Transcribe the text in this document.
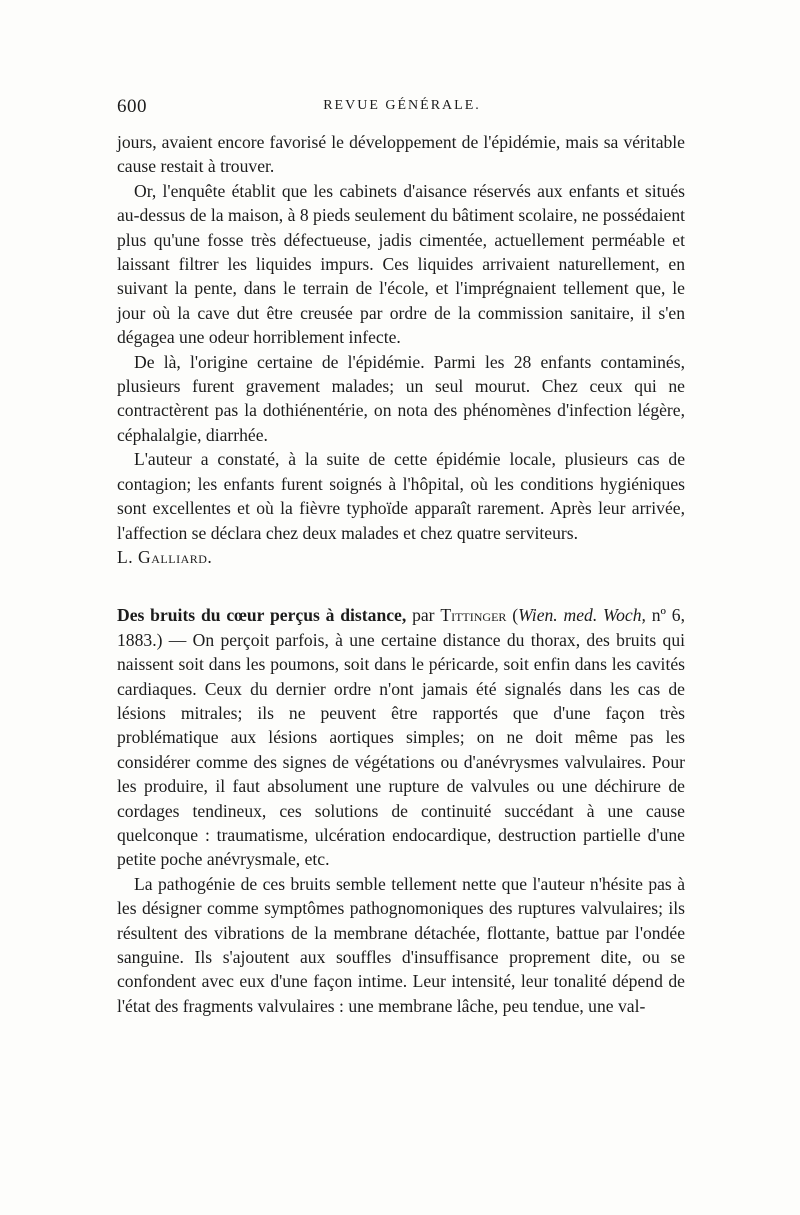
600	REVUE GÉNÉRALE.

jours, avaient encore favorisé le développement de l'épidémie, mais sa véritable cause restait à trouver.

Or, l'enquête établit que les cabinets d'aisance réservés aux enfants et situés au-dessus de la maison, à 8 pieds seulement du bâtiment scolaire, ne possédaient plus qu'une fosse très défectueuse, jadis cimentée, actuellement perméable et laissant filtrer les liquides impurs. Ces liquides arrivaient naturellement, en suivant la pente, dans le terrain de l'école, et l'imprégnaient tellement que, le jour où la cave dut être creusée par ordre de la commission sanitaire, il s'en dégagea une odeur horriblement infecte.

De là, l'origine certaine de l'épidémie. Parmi les 28 enfants contaminés, plusieurs furent gravement malades; un seul mourut. Chez ceux qui ne contractèrent pas la dothiénentérie, on nota des phénomènes d'infection légère, céphalalgie, diarrhée.

L'auteur a constaté, à la suite de cette épidémie locale, plusieurs cas de contagion; les enfants furent soignés à l'hôpital, où les conditions hygiéniques sont excellentes et où la fièvre typhoïde apparaît rarement. Après leur arrivée, l'affection se déclara chez deux malades et chez quatre serviteurs.

L. Galliard.

Des bruits du cœur perçus à distance, par Tittinger (Wien. med. Woch, nº 6, 1883.) — On perçoit parfois, à une certaine distance du thorax, des bruits qui naissent soit dans les poumons, soit dans le péricarde, soit enfin dans les cavités cardiaques. Ceux du dernier ordre n'ont jamais été signalés dans les cas de lésions mitrales; ils ne peuvent être rapportés que d'une façon très problématique aux lésions aortiques simples; on ne doit même pas les considérer comme des signes de végétations ou d'anévrysmes valvulaires. Pour les produire, il faut absolument une rupture de valvules ou une déchirure de cordages tendineux, ces solutions de continuité succédant à une cause quelconque : traumatisme, ulcération endocardique, destruction partielle d'une petite poche anévrysmale, etc.

La pathogénie de ces bruits semble tellement nette que l'auteur n'hésite pas à les désigner comme symptômes pathognomoniques des ruptures valvulaires; ils résultent des vibrations de la membrane détachée, flottante, battue par l'ondée sanguine. Ils s'ajoutent aux souffles d'insuffisance proprement dite, ou se confondent avec eux d'une façon intime. Leur intensité, leur tonalité dépend de l'état des fragments valvulaires : une membrane lâche, peu tendue, une val-
